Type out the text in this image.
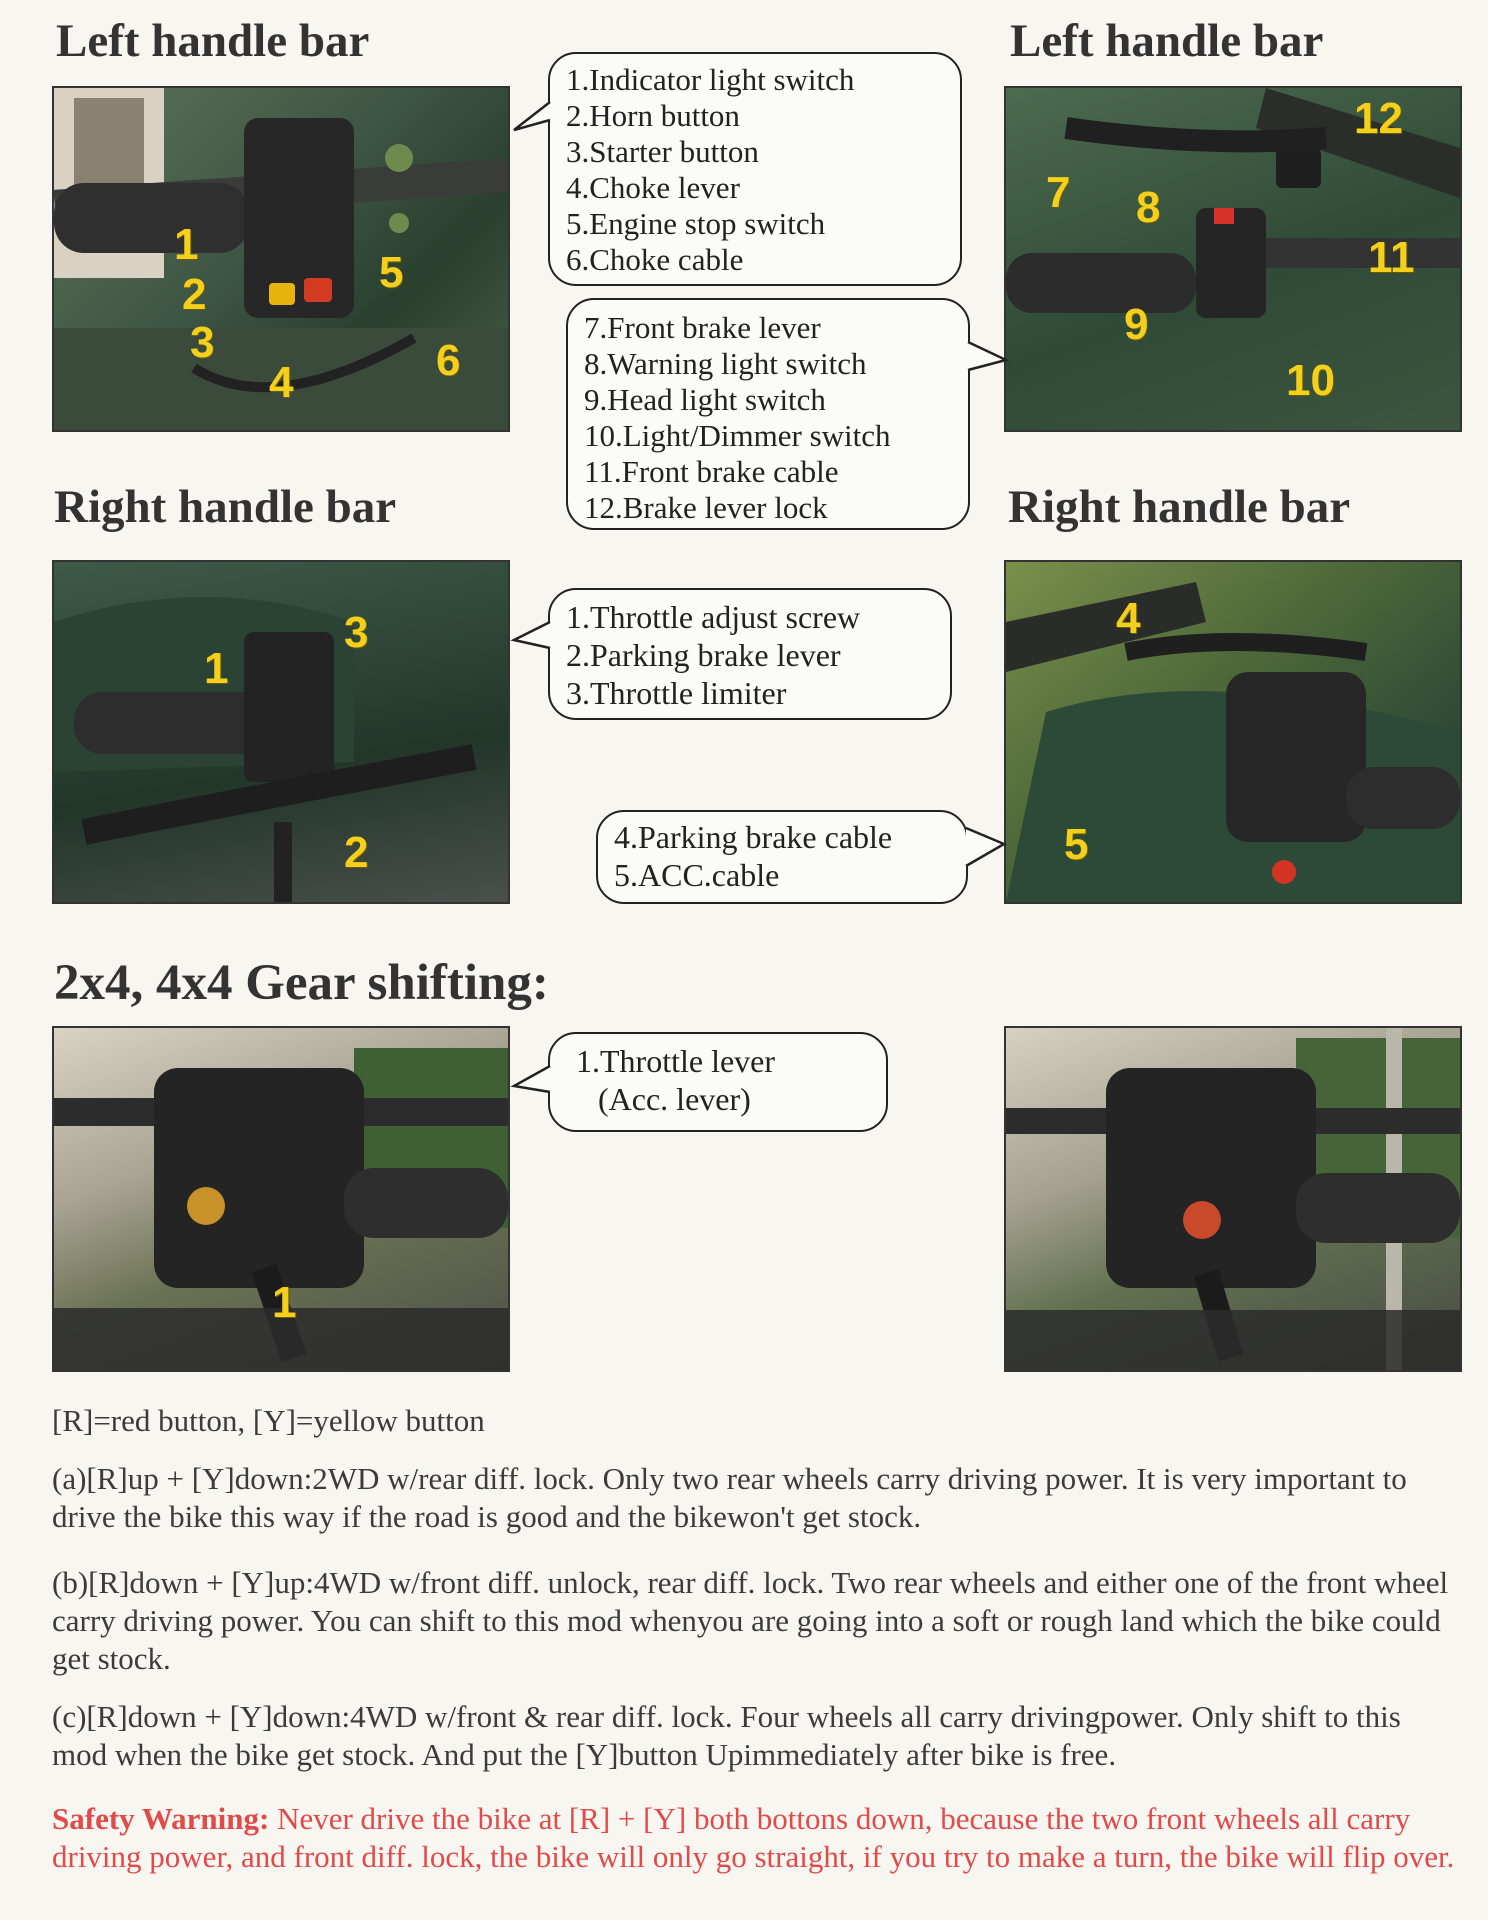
Left handle bar	Left handle bar
Right handle bar	Right handle bar
2x4, 4x4 Gear shifting:
1
2
3
4
5
6
7 8
9
10
11
12
1
3
2
4
5
1
1.Indicator light switch
2.Horn button
3.Starter button
4.Choke lever
5.Engine stop switch
6.Choke cable
7.Front brake lever
8.Warning light switch
9.Head light switch
10.Light/Dimmer switch
11.Front brake cable
12.Brake lever lock
1.Throttle adjust screw
2.Parking brake lever
3.Throttle limiter
4.Parking brake cable
5.ACC.cable
1.Throttle lever
(Acc. lever)
[R]=red button, [Y]=yellow button
(a)[R]up + [Y]down:2WD w/rear diff. lock. Only two rear wheels carry driving power. It is very important to drive the bike this way if the road is good and the bikewon't get stock.
(b)[R]down + [Y]up:4WD w/front diff. unlock, rear diff. lock. Two rear wheels and either one of the front wheel carry driving power. You can shift to this mod whenyou are going into a soft or rough land which the bike could get stock.
(c)[R]down + [Y]down:4WD w/front & rear diff. lock. Four wheels all carry drivingpower. Only shift to this mod when the bike get stock. And put the [Y]button Upimmediately after bike is free.
Safety Warning: Never drive the bike at [R] + [Y] both bottons down, because the two front wheels all carry driving power, and front diff. lock, the bike will only go straight, if you try to make a turn, the bike will flip over.
